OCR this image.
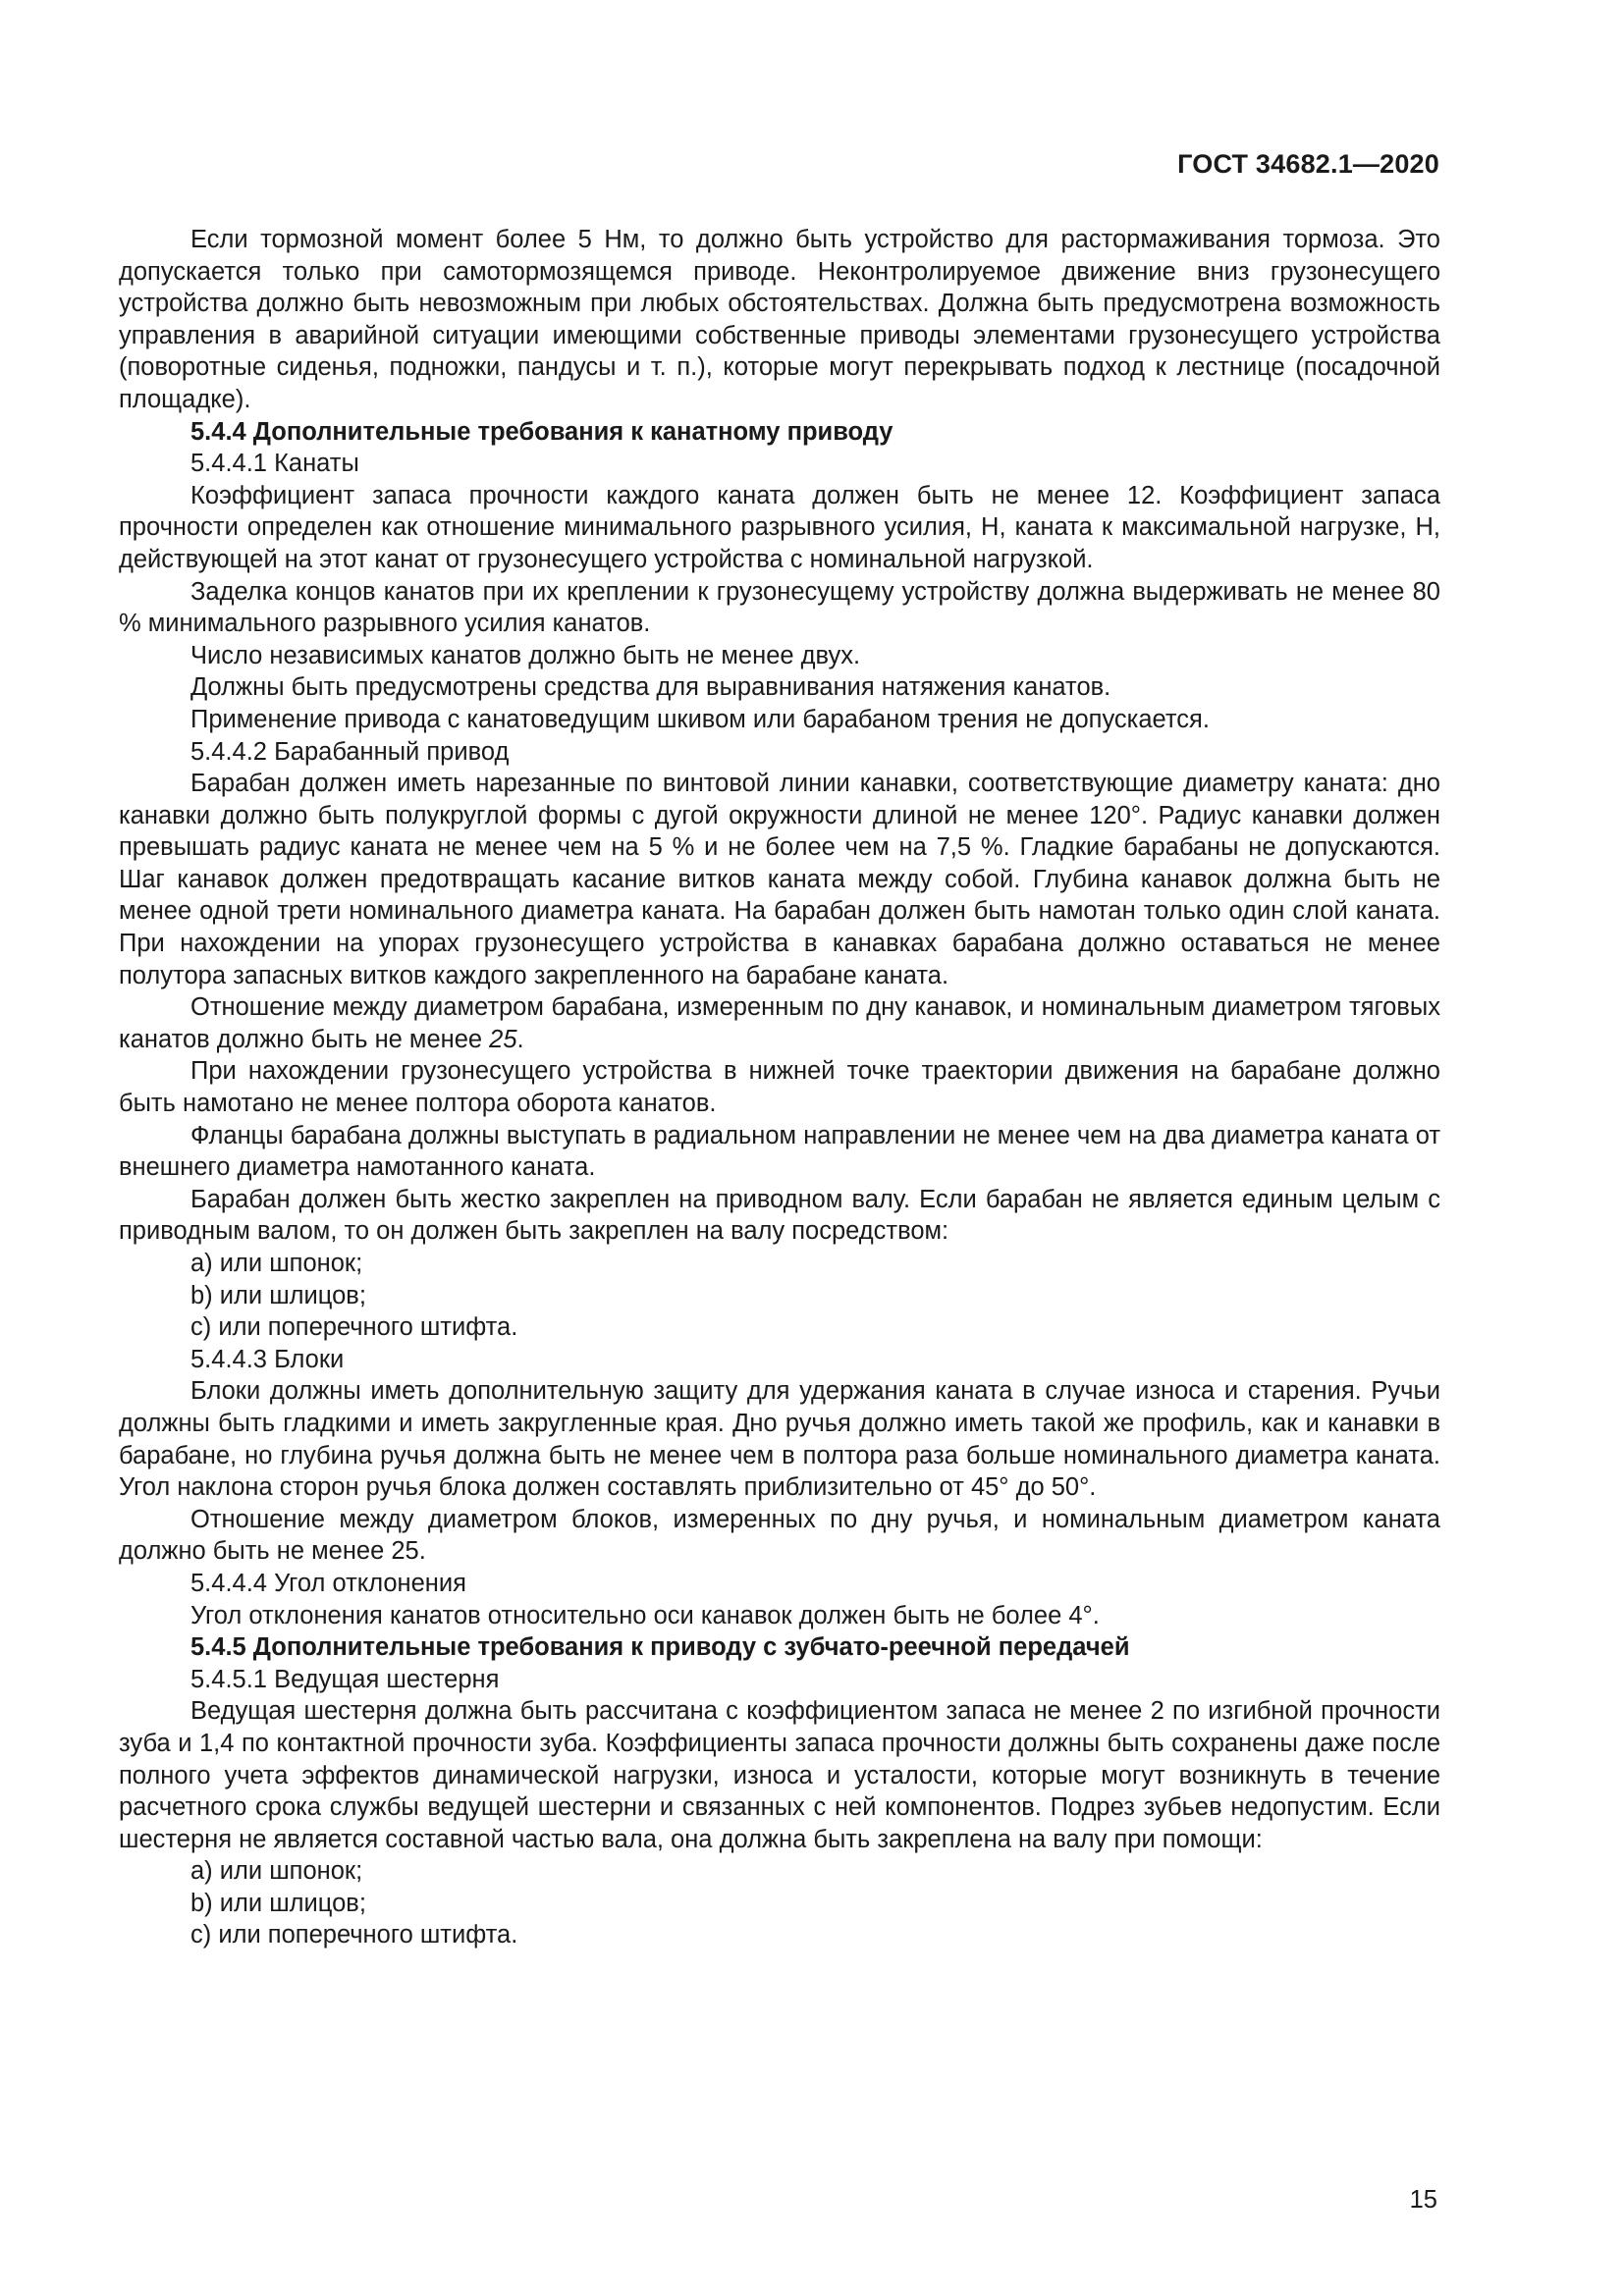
ГОСТ 34682.1—2020

Если тормозной момент более 5 Нм, то должно быть устройство для растормаживания тормоза. Это допускается только при самотормозящемся приводе. Неконтролируемое движение вниз грузонесущего устройства должно быть невозможным при любых обстоятельствах. Должна быть предусмотрена возможность управления в аварийной ситуации имеющими собственные приводы элементами грузонесущего устройства (поворотные сиденья, подножки, пандусы и т. п.), которые могут перекрывать подход к лестнице (посадочной площадке).

5.4.4 Дополнительные требования к канатному приводу

5.4.4.1 Канаты

Коэффициент запаса прочности каждого каната должен быть не менее 12. Коэффициент запаса прочности определен как отношение минимального разрывного усилия, Н, каната к максимальной нагрузке, Н, действующей на этот канат от грузонесущего устройства с номинальной нагрузкой.

Заделка концов канатов при их креплении к грузонесущему устройству должна выдерживать не менее 80 % минимального разрывного усилия канатов.

Число независимых канатов должно быть не менее двух.

Должны быть предусмотрены средства для выравнивания натяжения канатов.

Применение привода с канатоведущим шкивом или барабаном трения не допускается.

5.4.4.2 Барабанный привод

Барабан должен иметь нарезанные по винтовой линии канавки, соответствующие диаметру каната: дно канавки должно быть полукруглой формы с дугой окружности длиной не менее 120°. Радиус канавки должен превышать радиус каната не менее чем на 5 % и не более чем на 7,5 %. Гладкие барабаны не допускаются. Шаг канавок должен предотвращать касание витков каната между собой. Глубина канавок должна быть не менее одной трети номинального диаметра каната. На барабан должен быть намотан только один слой каната. При нахождении на упорах грузонесущего устройства в канавках барабана должно оставаться не менее полутора запасных витков каждого закрепленного на барабане каната.

Отношение между диаметром барабана, измеренным по дну канавок, и номинальным диаметром тяговых канатов должно быть не менее 25.

При нахождении грузонесущего устройства в нижней точке траектории движения на барабане должно быть намотано не менее полтора оборота канатов.

Фланцы барабана должны выступать в радиальном направлении не менее чем на два диаметра каната от внешнего диаметра намотанного каната.

Барабан должен быть жестко закреплен на приводном валу. Если барабан не является единым целым с приводным валом, то он должен быть закреплен на валу посредством:

а) или шпонок;

b) или шлицов;

с) или поперечного штифта.

5.4.4.3 Блоки

Блоки должны иметь дополнительную защиту для удержания каната в случае износа и старения. Ручьи должны быть гладкими и иметь закругленные края. Дно ручья должно иметь такой же профиль, как и канавки в барабане, но глубина ручья должна быть не менее чем в полтора раза больше номинального диаметра каната. Угол наклона сторон ручья блока должен составлять приблизительно от 45° до 50°.

Отношение между диаметром блоков, измеренных по дну ручья, и номинальным диаметром каната должно быть не менее 25.

5.4.4.4 Угол отклонения

Угол отклонения канатов относительно оси канавок должен быть не более 4°.

5.4.5 Дополнительные требования к приводу с зубчато-реечной передачей

5.4.5.1 Ведущая шестерня

Ведущая шестерня должна быть рассчитана с коэффициентом запаса не менее 2 по изгибной прочности зуба и 1,4 по контактной прочности зуба. Коэффициенты запаса прочности должны быть сохранены даже после полного учета эффектов динамической нагрузки, износа и усталости, которые могут возникнуть в течение расчетного срока службы ведущей шестерни и связанных с ней компонентов. Подрез зубьев недопустим. Если шестерня не является составной частью вала, она должна быть закреплена на валу при помощи:

а) или шпонок;

b) или шлицов;

с) или поперечного штифта.

15
